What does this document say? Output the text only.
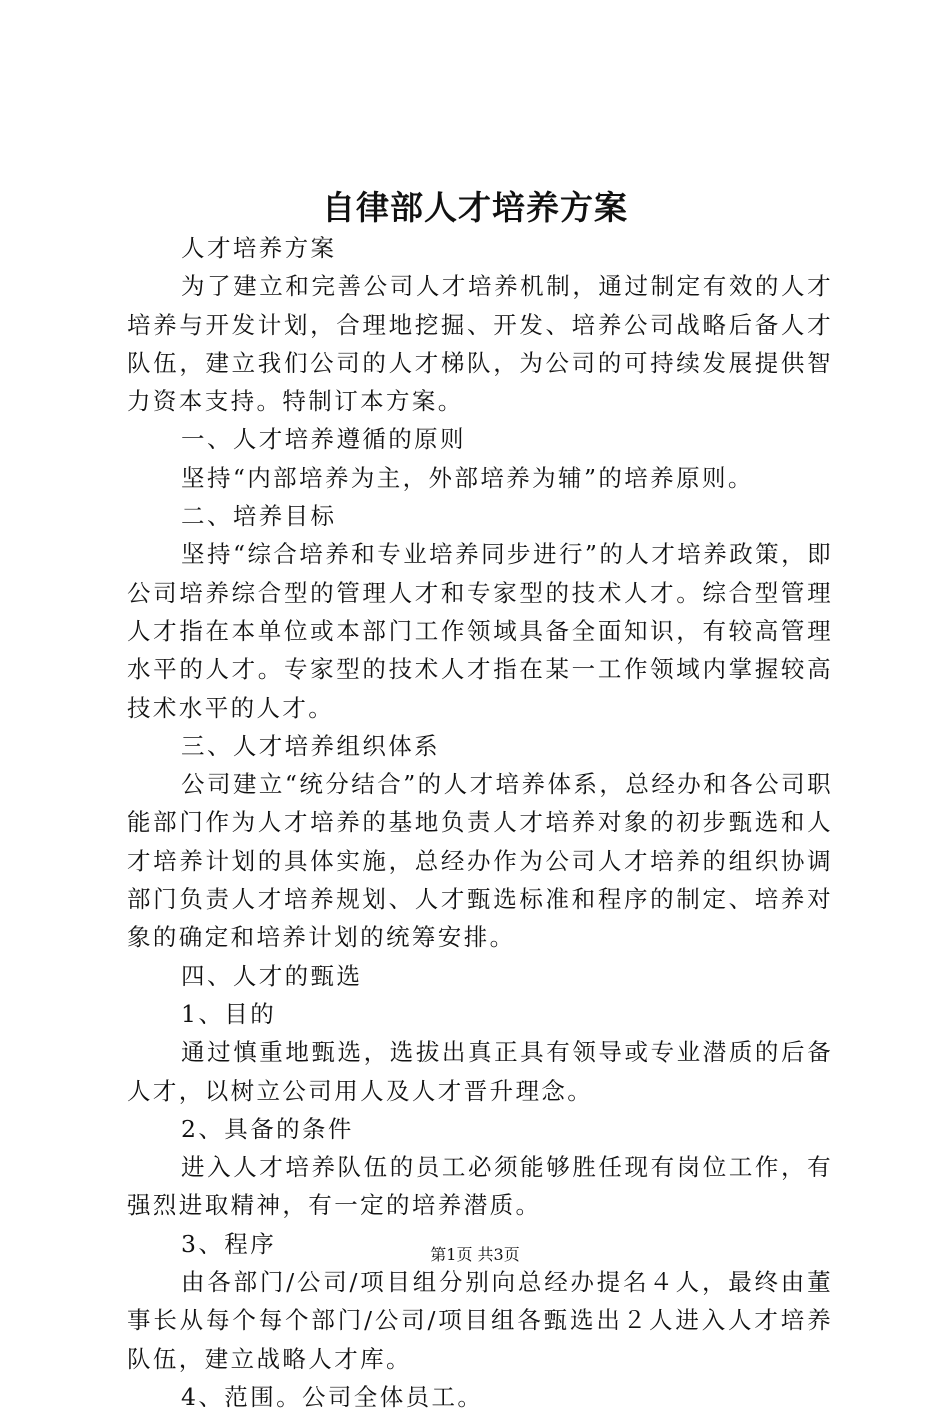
自律部人才培养方案

人才培养方案

为了建立和完善公司人才培养机制，通过制定有效的人才培养与开发计划，合理地挖掘、开发、培养公司战略后备人才队伍，建立我们公司的人才梯队，为公司的可持续发展提供智力资本支持。特制订本方案。

一、人才培养遵循的原则

坚持“内部培养为主，外部培养为辅”的培养原则。

二、培养目标

坚持“综合培养和专业培养同步进行”的人才培养政策，即公司培养综合型的管理人才和专家型的技术人才。综合型管理人才指在本单位或本部门工作领域具备全面知识，有较高管理水平的人才。专家型的技术人才指在某一工作领域内掌握较高技术水平的人才。

三、人才培养组织体系

公司建立“统分结合”的人才培养体系，总经办和各公司职能部门作为人才培养的基地负责人才培养对象的初步甄选和人才培养计划的具体实施，总经办作为公司人才培养的组织协调部门负责人才培养规划、人才甄选标准和程序的制定、培养对象的确定和培养计划的统筹安排。

四、人才的甄选

1、目的

通过慎重地甄选，选拔出真正具有领导或专业潜质的后备人才，以树立公司用人及人才晋升理念。

2、具备的条件

进入人才培养队伍的员工必须能够胜任现有岗位工作，有强烈进取精神，有一定的培养潜质。

3、程序

由各部门/公司/项目组分别向总经办提名４人，最终由董事长从每个每个部门/公司/项目组各甄选出２人进入人才培养队伍，建立战略人才库。

4、范围。公司全体员工。

第1页 共3页
